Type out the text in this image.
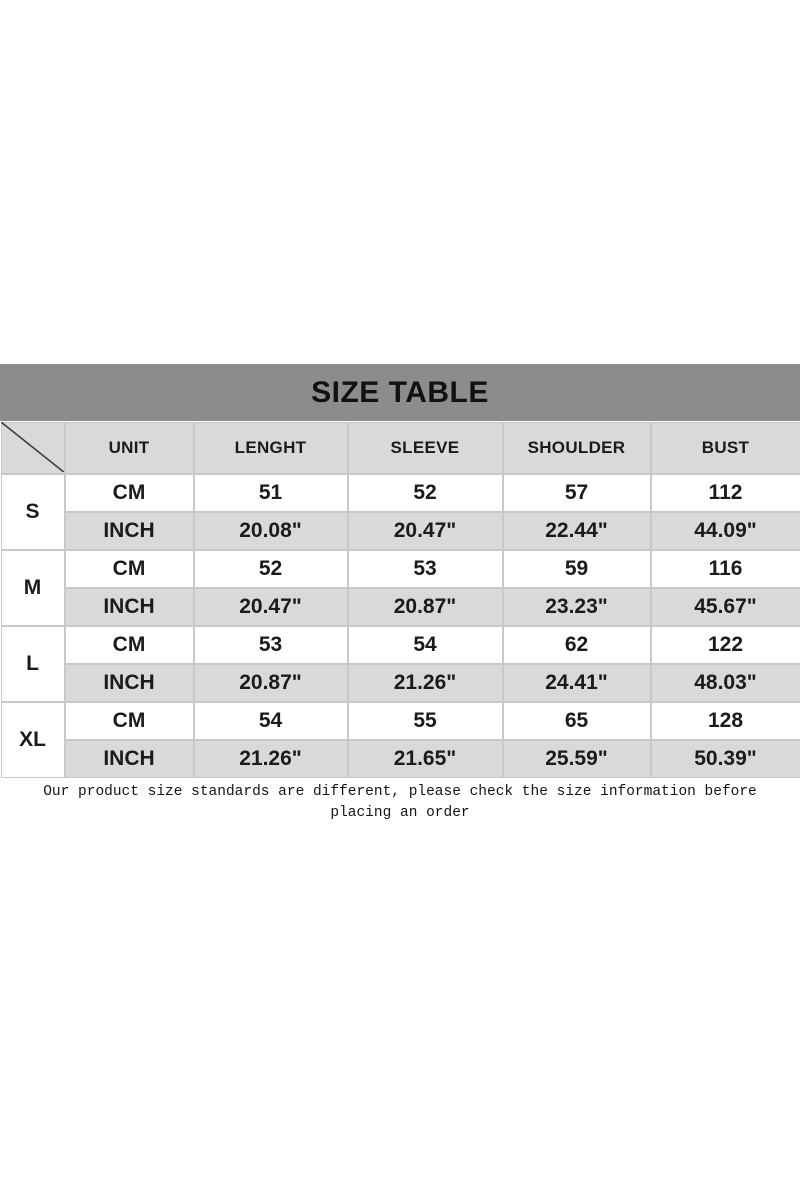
SIZE TABLE
	UNIT	LENGHT	SLEEVE	SHOULDER	BUST
S	CM	51	52	57	112
	INCH	20.08"	20.47"	22.44"	44.09"
M	CM	52	53	59	116
	INCH	20.47"	20.87"	23.23"	45.67"
L	CM	53	54	62	122
	INCH	20.87"	21.26"	24.41"	48.03"
XL	CM	54	55	65	128
	INCH	21.26"	21.65"	25.59"	50.39"
Our product size standards are different, please check the size information before placing an order
